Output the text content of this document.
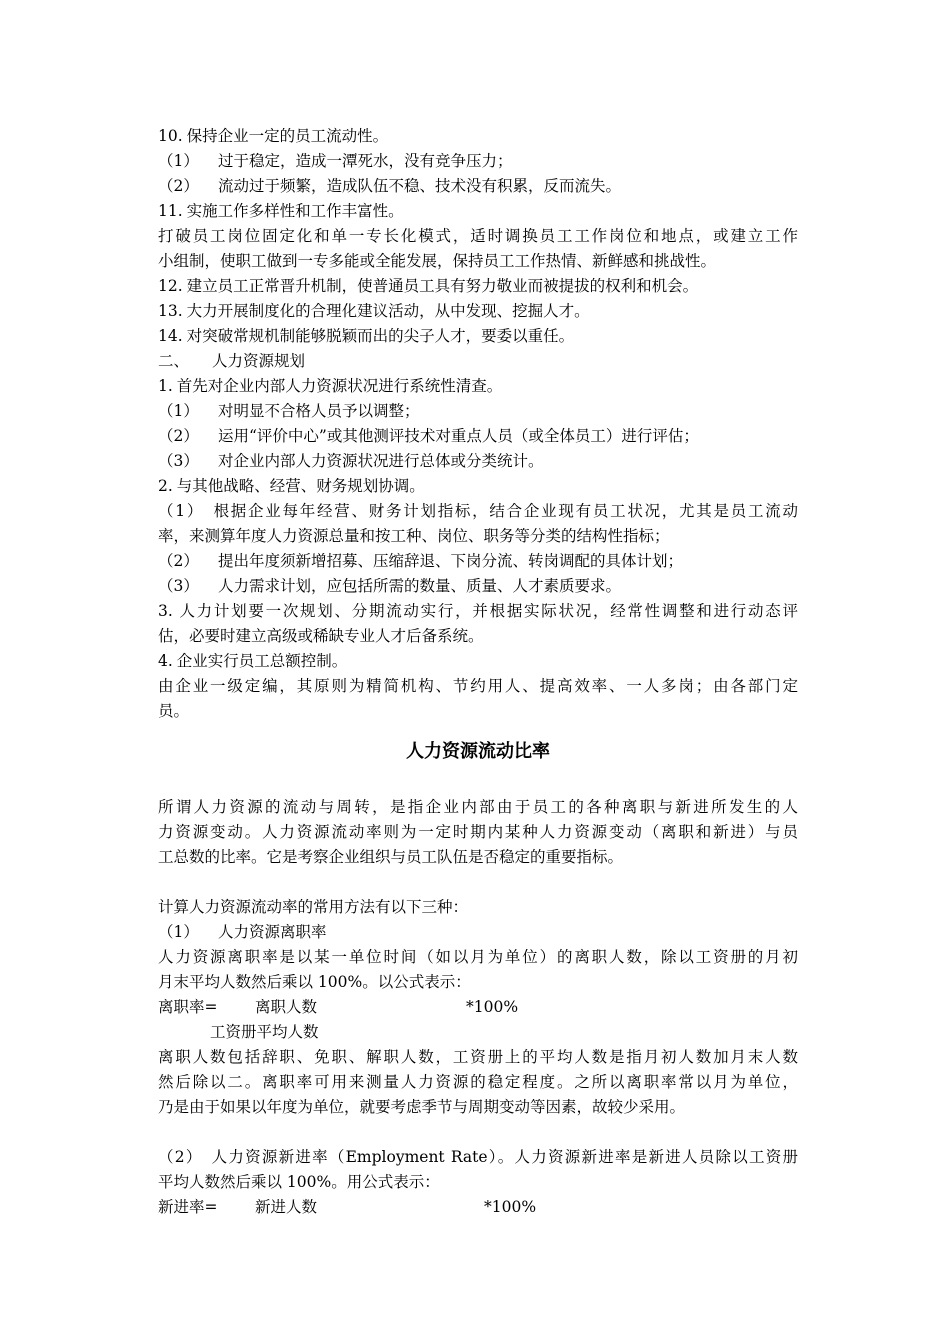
10. 保持企业一定的员工流动性。
（1） 过于稳定，造成一潭死水，没有竞争压力；
（2） 流动过于频繁，造成队伍不稳、技术没有积累，反而流失。
11. 实施工作多样性和工作丰富性。
打破员工岗位固定化和单一专长化模式，适时调换员工工作岗位和地点，或建立工作
小组制，使职工做到一专多能或全能发展，保持员工工作热情、新鲜感和挑战性。
12. 建立员工正常晋升机制，使普通员工具有努力敬业而被提拔的权利和机会。
13. 大力开展制度化的合理化建议活动，从中发现、挖掘人才。
14. 对突破常规机制能够脱颖而出的尖子人才，要委以重任。
二、 人力资源规划
1. 首先对企业内部人力资源状况进行系统性清查。
（1） 对明显不合格人员予以调整；
（2） 运用“评价中心”或其他测评技术对重点人员（或全体员工）进行评估；
（3） 对企业内部人力资源状况进行总体或分类统计。
2. 与其他战略、经营、财务规划协调。
（1）　根据企业每年经营、财务计划指标，结合企业现有员工状况，尤其是员工流动
率，来测算年度人力资源总量和按工种、岗位、职务等分类的结构性指标；
（2） 提出年度须新增招募、压缩辞退、下岗分流、转岗调配的具体计划；
（3） 人力需求计划，应包括所需的数量、质量、人才素质要求。
3. 人力计划要一次规划、分期流动实行，并根据实际状况，经常性调整和进行动态评
估，必要时建立高级或稀缺专业人才后备系统。
4. 企业实行员工总额控制。
由企业一级定编，其原则为精简机构、节约用人、提高效率、一人多岗；由各部门定
员。
人力资源流动比率
所谓人力资源的流动与周转，是指企业内部由于员工的各种离职与新进所发生的人
力资源变动。人力资源流动率则为一定时期内某种人力资源变动（离职和新进）与员
工总数的比率。它是考察企业组织与员工队伍是否稳定的重要指标。
计算人力资源流动率的常用方法有以下三种：
（1） 人力资源离职率
人力资源离职率是以某一单位时间（如以月为单位）的离职人数，除以工资册的月初
月末平均人数然后乘以 100%。以公式表示：
离职率= 离职人数	*100%
工资册平均人数
离职人数包括辞职、免职、解职人数，工资册上的平均人数是指月初人数加月末人数
然后除以二。离职率可用来测量人力资源的稳定程度。之所以离职率常以月为单位，
乃是由于如果以年度为单位，就要考虑季节与周期变动等因素，故较少采用。
（2）　人力资源新进率（Employment Rate）。人力资源新进率是新进人员除以工资册
平均人数然后乘以 100%。用公式表示：
新进率= 新进人数	*100%
